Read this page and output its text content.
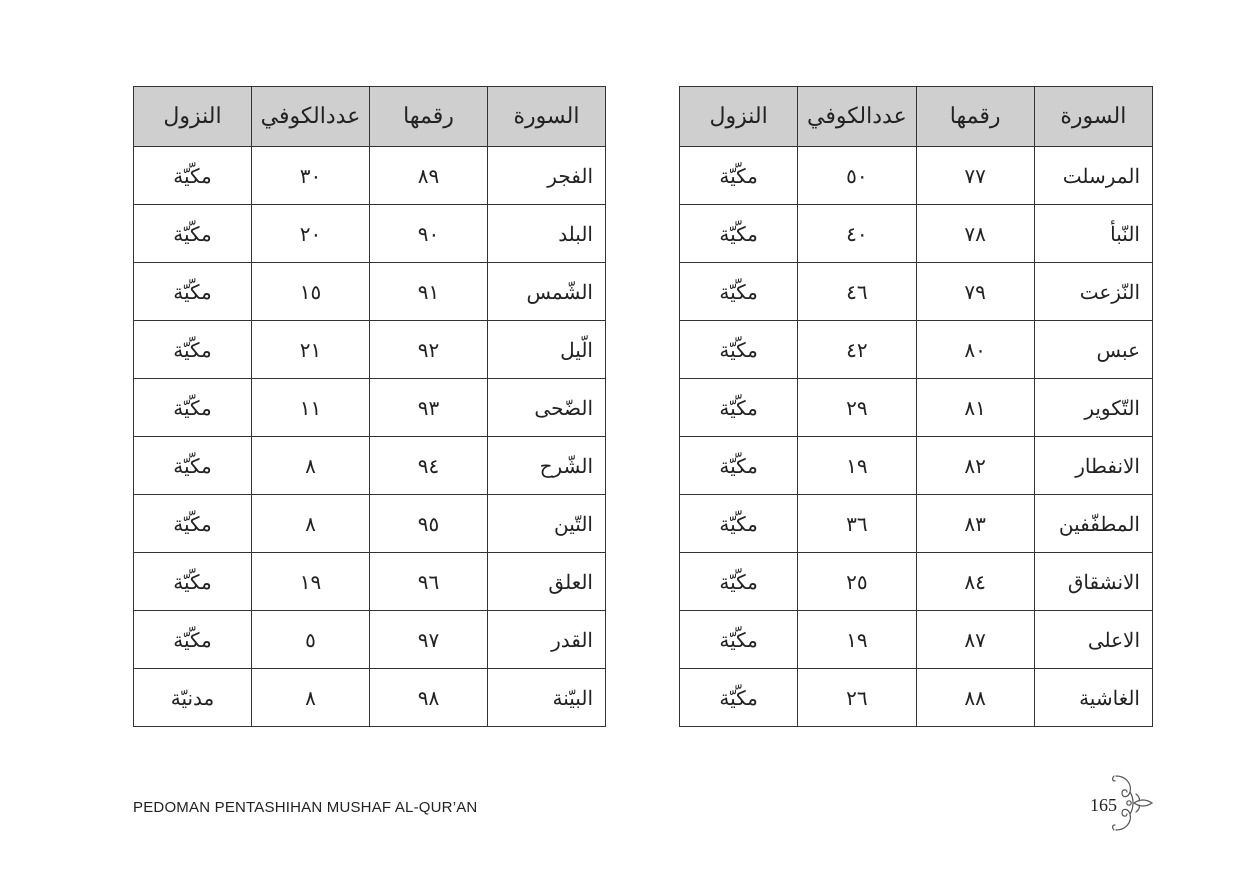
السورة	رقمها	عددالكوفي	النزول
الفجر	٨٩	٣٠	مكّيّة
البلد	٩٠	٢٠	مكّيّة
الشّمس	٩١	١٥	مكّيّة
الّيل	٩٢	٢١	مكّيّة
الضّحى	٩٣	١١	مكّيّة
الشّرح	٩٤	٨	مكّيّة
التّين	٩٥	٨	مكّيّة
العلق	٩٦	١٩	مكّيّة
القدر	٩٧	٥	مكّيّة
البيّنة	٩٨	٨	مدنيّة
السورة	رقمها	عددالكوفي	النزول
المرسلت	٧٧	٥٠	مكّيّة
النّبأ	٧٨	٤٠	مكّيّة
النّزعت	٧٩	٤٦	مكّيّة
عبس	٨٠	٤٢	مكّيّة
التّكوير	٨١	٢٩	مكّيّة
الانفطار	٨٢	١٩	مكّيّة
المطفّفين	٨٣	٣٦	مكّيّة
الانشقاق	٨٤	٢٥	مكّيّة
الاعلى	٨٧	١٩	مكّيّة
الغاشية	٨٨	٢٦	مكّيّة
PEDOMAN PENTASHIHAN MUSHAF AL-QUR’AN	165
